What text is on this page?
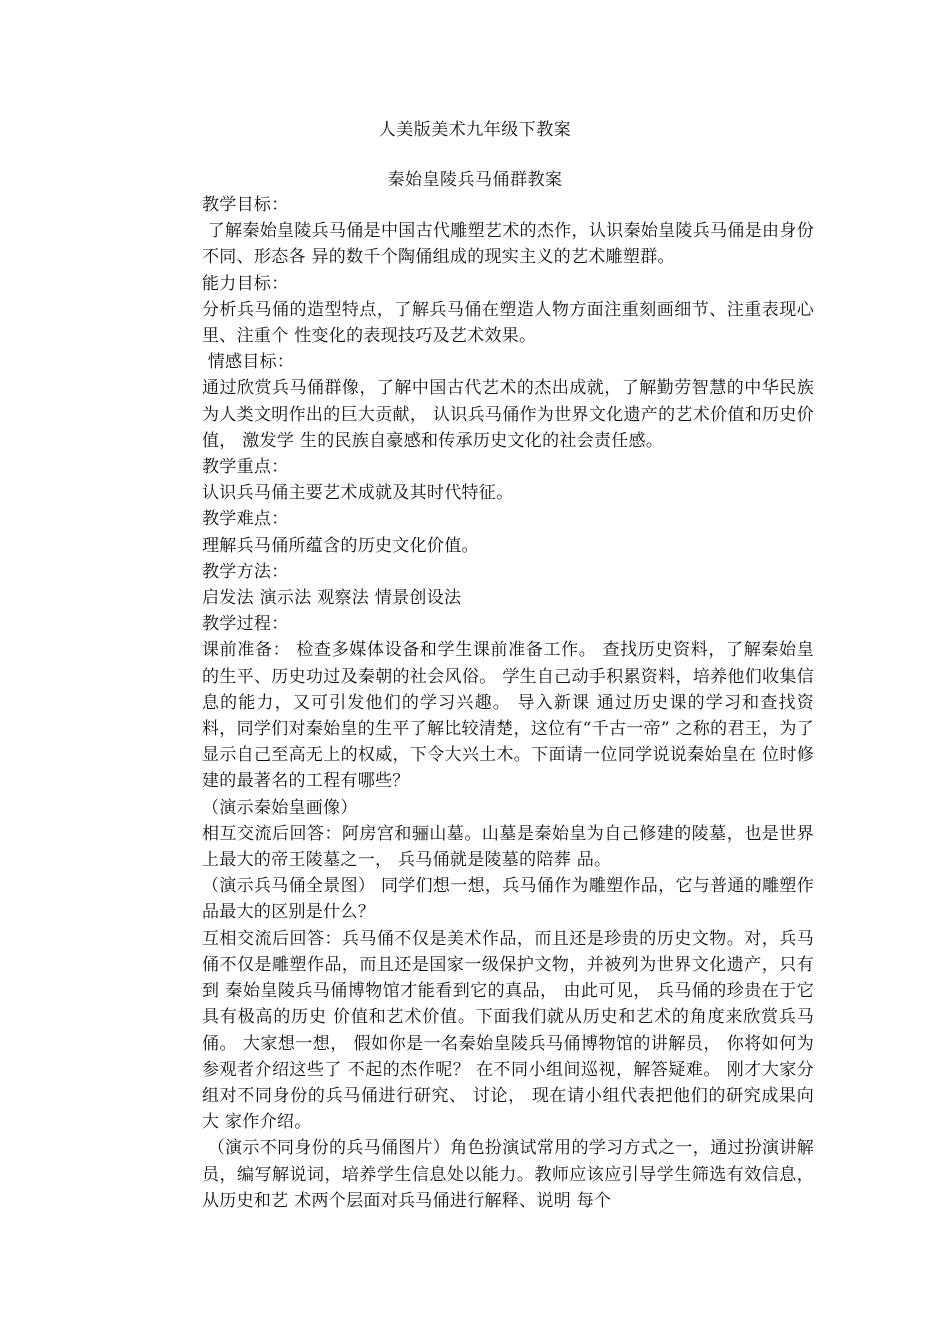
人美版美术九年级下教案
秦始皇陵兵马俑群教案

教学目标：

了解秦始皇陵兵马俑是中国古代雕塑艺术的杰作，认识秦始皇陵兵马俑是由身份不同、形态各 异的数千个陶俑组成的现实主义的艺术雕塑群。

能力目标：

分析兵马俑的造型特点，了解兵马俑在塑造人物方面注重刻画细节、注重表现心里、注重个 性变化的表现技巧及艺术效果。

情感目标：

通过欣赏兵马俑群像，了解中国古代艺术的杰出成就，了解勤劳智慧的中华民族 为人类文明作出的巨大贡献， 认识兵马俑作为世界文化遗产的艺术价值和历史价值， 激发学 生的民族自豪感和传承历史文化的社会责任感。

教学重点：

认识兵马俑主要艺术成就及其时代特征。

教学难点：

理解兵马俑所蕴含的历史文化价值。

教学方法：

启发法 演示法 观察法 情景创设法

教学过程：

课前准备： 检查多媒体设备和学生课前准备工作。 查找历史资料，了解秦始皇的生平、历史功过及秦朝的社会风俗。 学生自己动手积累资料，培养他们收集信息的能力，又可引发他们的学习兴趣。 导入新课 通过历史课的学习和查找资料，同学们对秦始皇的生平了解比较清楚，这位有“千古一帝” 之称的君王，为了显示自己至高无上的权威，下令大兴土木。下面请一位同学说说秦始皇在 位时修建的最著名的工程有哪些？

（演示秦始皇画像）

相互交流后回答：阿房宫和骊山墓。山墓是秦始皇为自己修建的陵墓，也是世界上最大的帝王陵墓之一， 兵马俑就是陵墓的陪葬 品。

（演示兵马俑全景图） 同学们想一想，兵马俑作为雕塑作品，它与普通的雕塑作品最大的区别是什么？

互相交流后回答：兵马俑不仅是美术作品，而且还是珍贵的历史文物。对，兵马俑不仅是雕塑作品，而且还是国家一级保护文物，并被列为世界文化遗产，只有到 秦始皇陵兵马俑博物馆才能看到它的真品， 由此可见， 兵马俑的珍贵在于它具有极高的历史 价值和艺术价值。下面我们就从历史和艺术的角度来欣赏兵马俑。 大家想一想， 假如你是一名秦始皇陵兵马俑博物馆的讲解员， 你将如何为参观者介绍这些了 不起的杰作呢？ 在不同小组间巡视，解答疑难。 刚才大家分组对不同身份的兵马俑进行研究、 讨论， 现在请小组代表把他们的研究成果向大 家作介绍。

（演示不同身份的兵马俑图片）角色扮演试常用的学习方式之一，通过扮演讲解 员，编写解说词，培养学生信息处以能力。教师应该应引导学生筛选有效信息，从历史和艺 术两个层面对兵马俑进行解释、说明 每个
